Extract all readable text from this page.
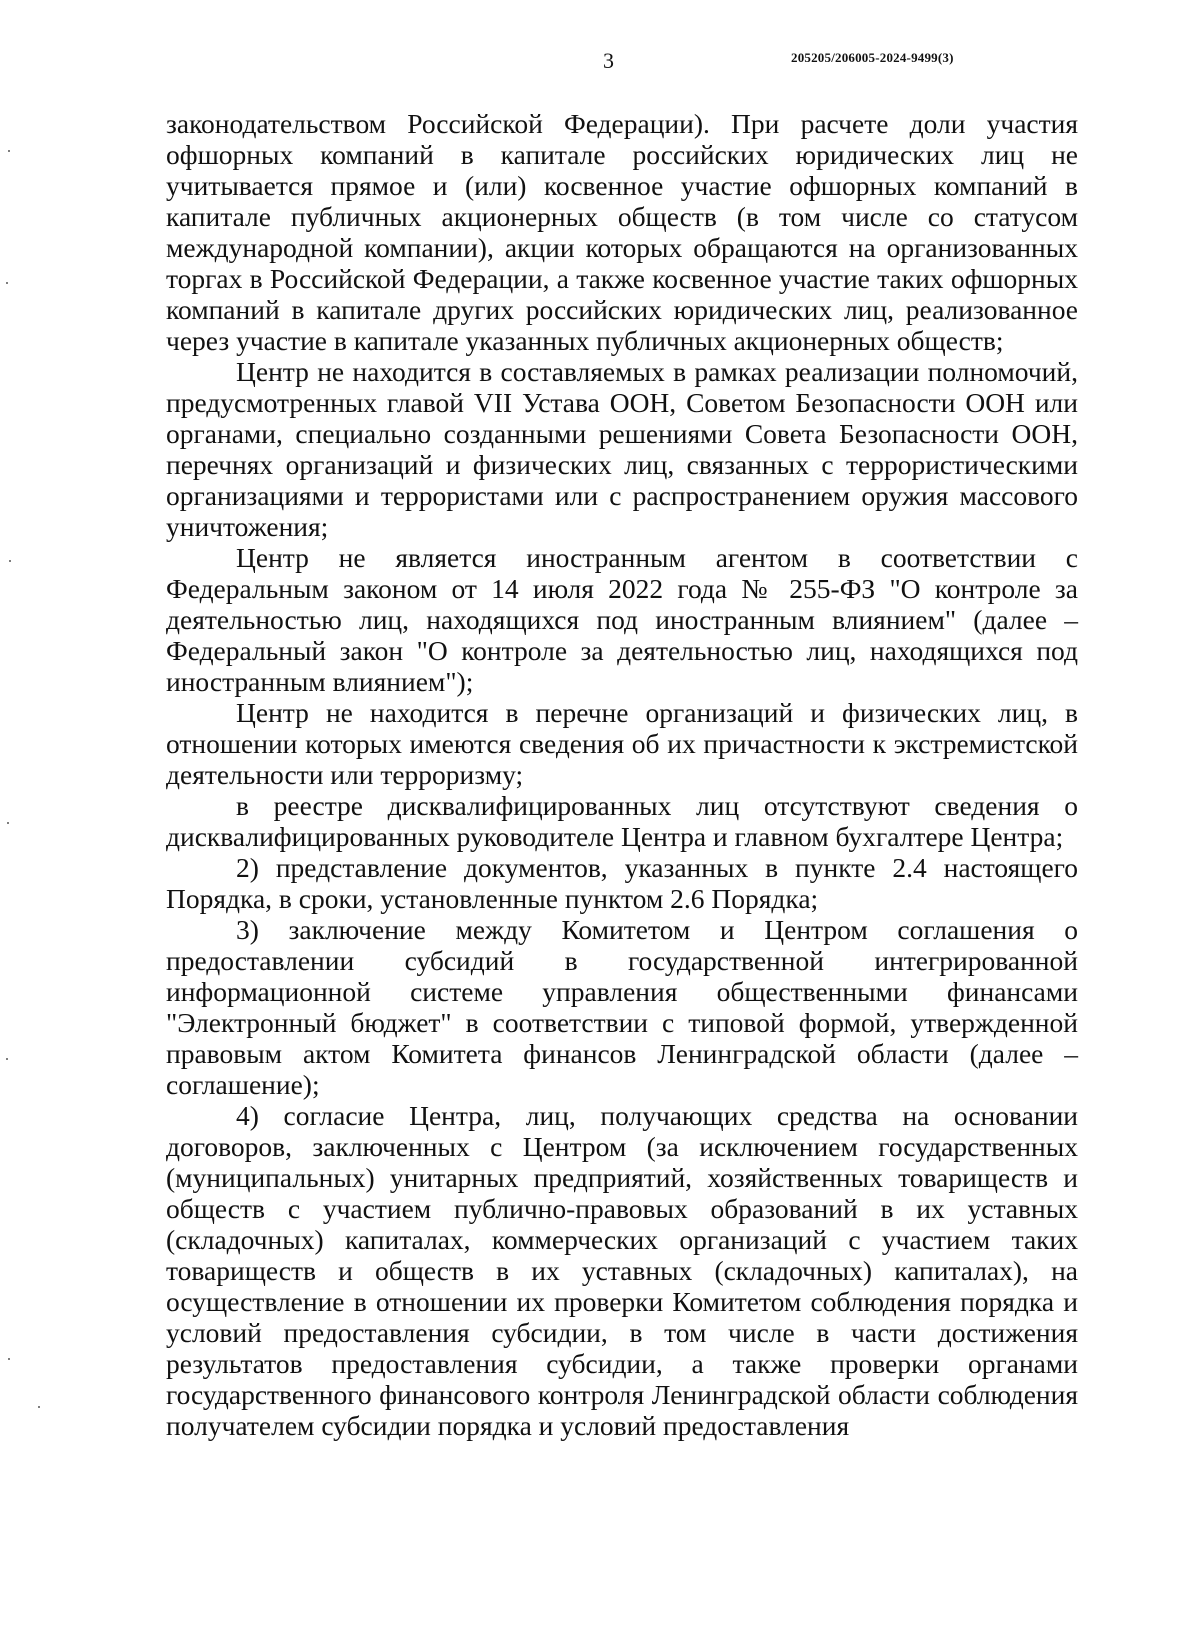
3	205205/206005-2024-9499(3)

законодательством Российской Федерации). При расчете доли участия офшорных компаний в капитале российских юридических лиц не учитывается прямое и (или) косвенное участие офшорных компаний в капитале публичных акционерных обществ (в том числе со статусом международной компании), акции которых обращаются на организованных торгах в Российской Федерации, а также косвенное участие таких офшорных компаний в капитале других российских юридических лиц, реализованное через участие в капитале указанных публичных акционерных обществ;

Центр не находится в составляемых в рамках реализации полномочий, предусмотренных главой VII Устава ООН, Советом Безопасности ООН или органами, специально созданными решениями Совета Безопасности ООН, перечнях организаций и физических лиц, связанных с террористическими организациями и террористами или с распространением оружия массового уничтожения;

Центр не является иностранным агентом в соответствии с Федеральным законом от 14 июля 2022 года № 255-ФЗ "О контроле за деятельностью лиц, находящихся под иностранным влиянием" (далее – Федеральный закон "О контроле за деятельностью лиц, находящихся под иностранным влиянием");

Центр не находится в перечне организаций и физических лиц, в отношении которых имеются сведения об их причастности к экстремистской деятельности или терроризму;

в реестре дисквалифицированных лиц отсутствуют сведения о дисквалифицированных руководителе Центра и главном бухгалтере Центра;

2) представление документов, указанных в пункте 2.4 настоящего Порядка, в сроки, установленные пунктом 2.6 Порядка;

3) заключение между Комитетом и Центром соглашения о предоставлении субсидий в государственной интегрированной информационной системе управления общественными финансами "Электронный бюджет" в соответствии с типовой формой, утвержденной правовым актом Комитета финансов Ленинградской области (далее – соглашение);

4) согласие Центра, лиц, получающих средства на основании договоров, заключенных с Центром (за исключением государственных (муниципальных) унитарных предприятий, хозяйственных товариществ и обществ с участием публично-правовых образований в их уставных (складочных) капиталах, коммерческих организаций с участием таких товариществ и обществ в их уставных (складочных) капиталах), на осуществление в отношении их проверки Комитетом соблюдения порядка и условий предоставления субсидии, в том числе в части достижения результатов предоставления субсидии, а также проверки органами государственного финансового контроля Ленинградской области соблюдения получателем субсидии порядка и условий предоставления
